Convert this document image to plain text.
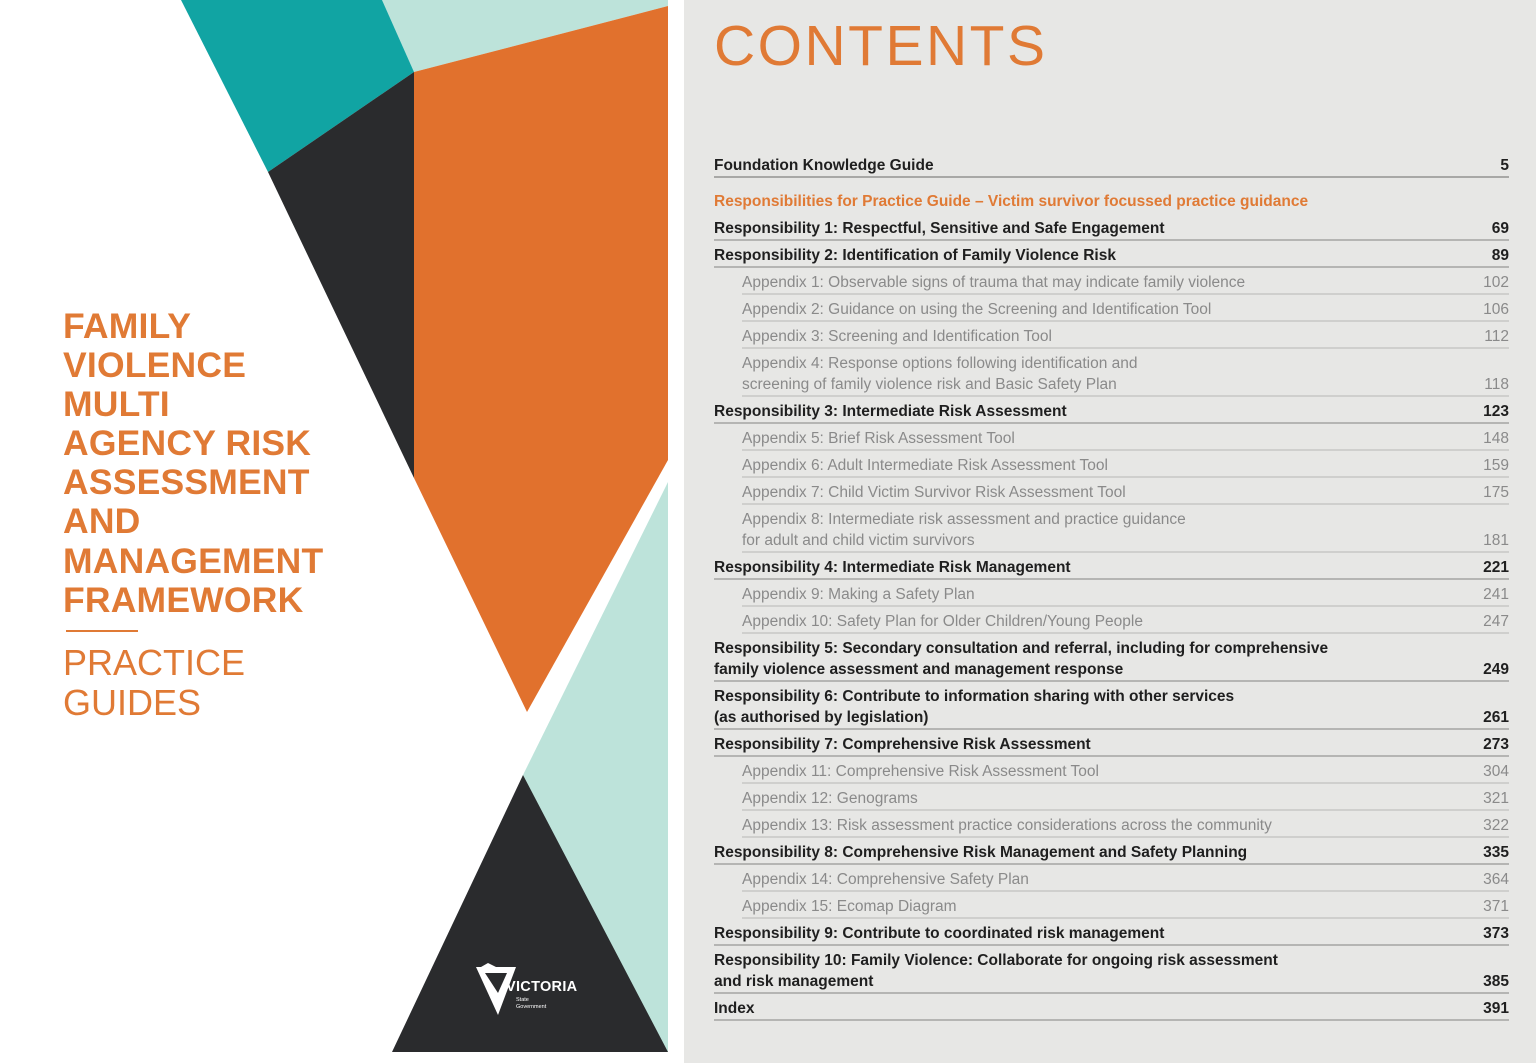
FAMILY
VIOLENCE
MULTI
AGENCY RISK
ASSESSMENT
AND
MANAGEMENT
FRAMEWORK
PRACTICE
GUIDES
VICTORIA
State
Government
CONTENTS
Foundation Knowledge Guide	5
Responsibilities for Practice Guide – Victim survivor focussed practice guidance
Responsibility 1: Respectful, Sensitive and Safe Engagement	69
Responsibility 2: Identification of Family Violence Risk	89
Appendix 1: Observable signs of trauma that may indicate family violence	102
Appendix 2: Guidance on using the Screening and Identification Tool	106
Appendix 3: Screening and Identification Tool	112
Appendix 4: Response options following identification and
screening of family violence risk and Basic Safety Plan	118
Responsibility 3: Intermediate Risk Assessment	123
Appendix 5: Brief Risk Assessment Tool	148
Appendix 6: Adult Intermediate Risk Assessment Tool	159
Appendix 7: Child Victim Survivor Risk Assessment Tool	175
Appendix 8: Intermediate risk assessment and practice guidance
for adult and child victim survivors	181
Responsibility 4: Intermediate Risk Management	221
Appendix 9: Making a Safety Plan	241
Appendix 10: Safety Plan for Older Children/Young People	247
Responsibility 5: Secondary consultation and referral, including for comprehensive
family violence assessment and management response	249
Responsibility 6: Contribute to information sharing with other services
(as authorised by legislation)	261
Responsibility 7: Comprehensive Risk Assessment	273
Appendix 11: Comprehensive Risk Assessment Tool	304
Appendix 12: Genograms	321
Appendix 13: Risk assessment practice considerations across the community	322
Responsibility 8: Comprehensive Risk Management and Safety Planning	335
Appendix 14: Comprehensive Safety Plan	364
Appendix 15: Ecomap Diagram	371
Responsibility 9: Contribute to coordinated risk management	373
Responsibility 10: Family Violence: Collaborate for ongoing risk assessment
and risk management	385
Index	391
